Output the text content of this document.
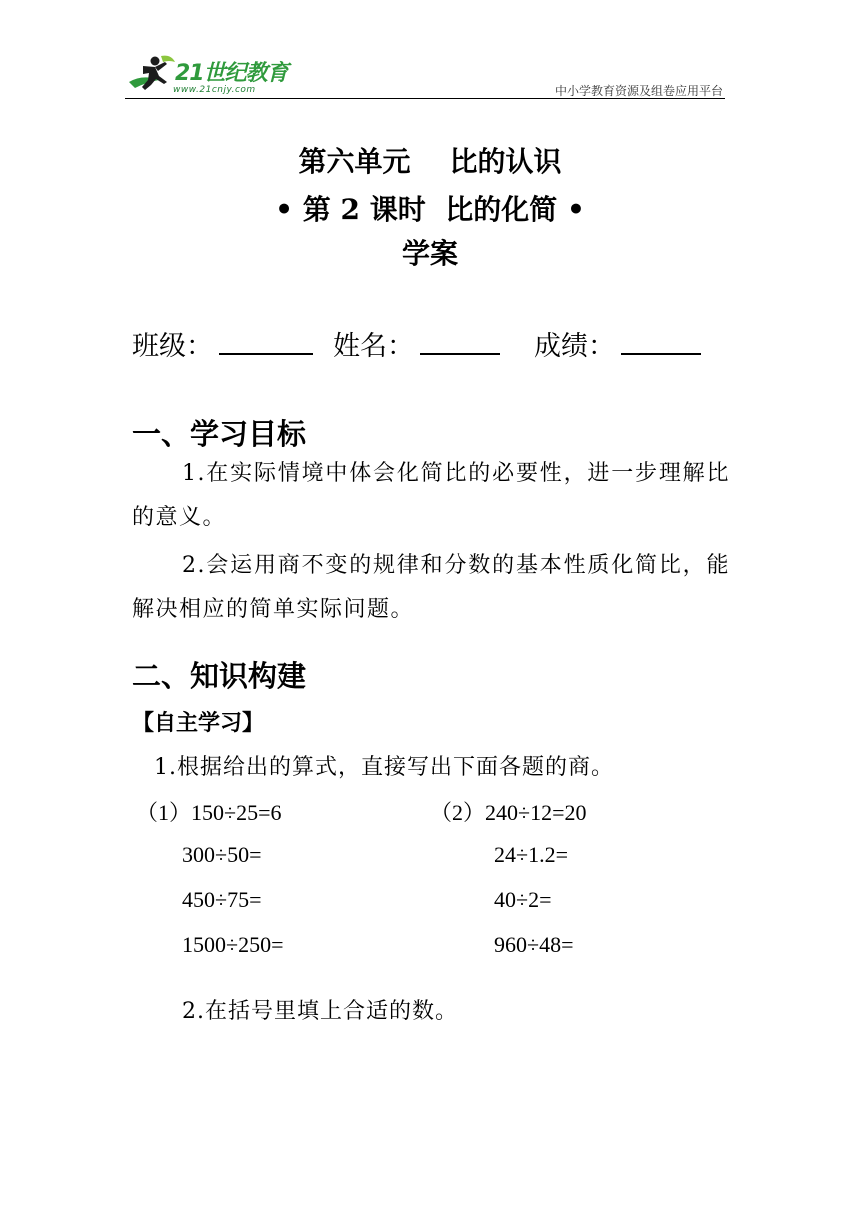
21世纪教育
www.21cnjy.com	中小学教育资源及组卷应用平台
第六单元    比的认识
• 第 2 课时  比的化简 •
学案
班级：	姓名：	成绩：
一、学习目标
1.在实际情境中体会化简比的必要性，进一步理解比的意义。
2.会运用商不变的规律和分数的基本性质化简比，能解决相应的简单实际问题。
二、知识构建
【自主学习】
1.根据给出的算式，直接写出下面各题的商。
（1）150÷25=6
300÷50=
450÷75=
1500÷250=
（2）240÷12=20
24÷1.2=
40÷2=
960÷48=
2.在括号里填上合适的数。
